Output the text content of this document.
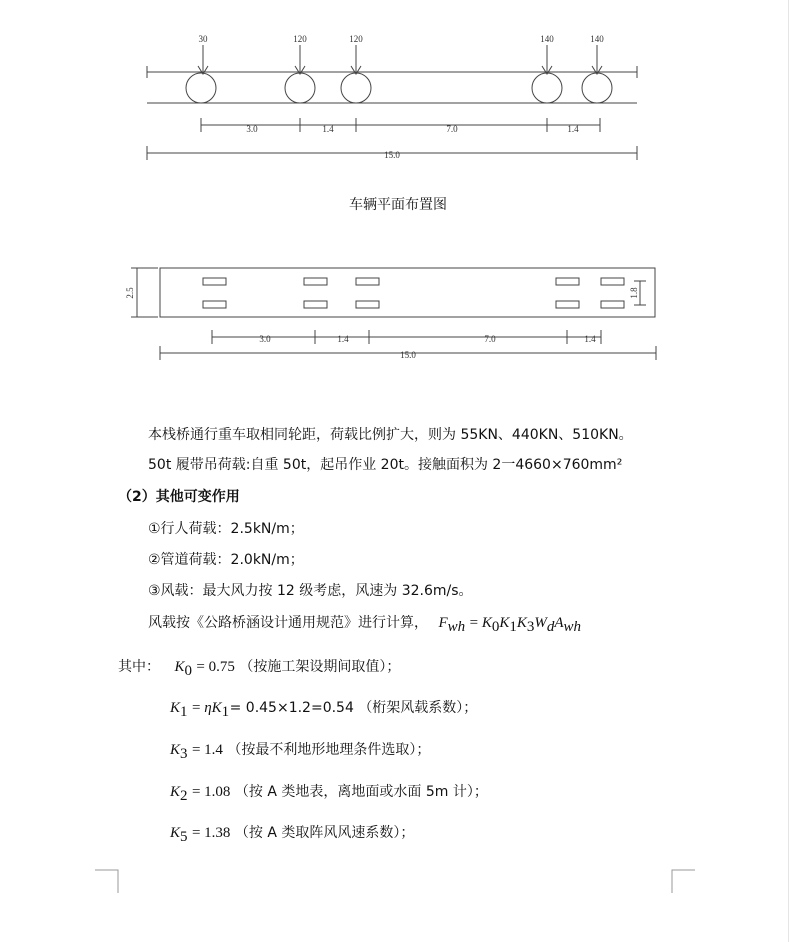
30	120	120	140	140
3.0	1.4	7.0	1.4
15.0
车辆平面布置图
2.5	1.8
3.0	1.4	7.0	1.4
15.0
本栈桥通行重车取相同轮距，荷载比例扩大，则为 55KN、440KN、510KN。
50t 履带吊荷载:自重 50t，起吊作业 20t。接触面积为 2一4660×760mm²
（2）其他可变作用
①行人荷载：2.5kN/m；
②管道荷载：2.0kN/m；
③风载：最大风力按 12 级考虑，风速为 32.6m/s。
风载按《公路桥涵设计通用规范》进行计算， $F_{wh} = K_0K_1K_3W_dA_{wh}$
其中： $K_0 = 0.75$ （按施工架设期间取值）；
$K_1 = \eta K_1 = 0.45\times 1.2=0.54$ （桁架风载系数）；
$K_3 = 1.4$ （按最不利地形地理条件选取）；
$K_2 = 1.08$ （按 A 类地表，离地面或水面 5m 计）；
$K_5 = 1.38$ （按 A 类取阵风风速系数）；
